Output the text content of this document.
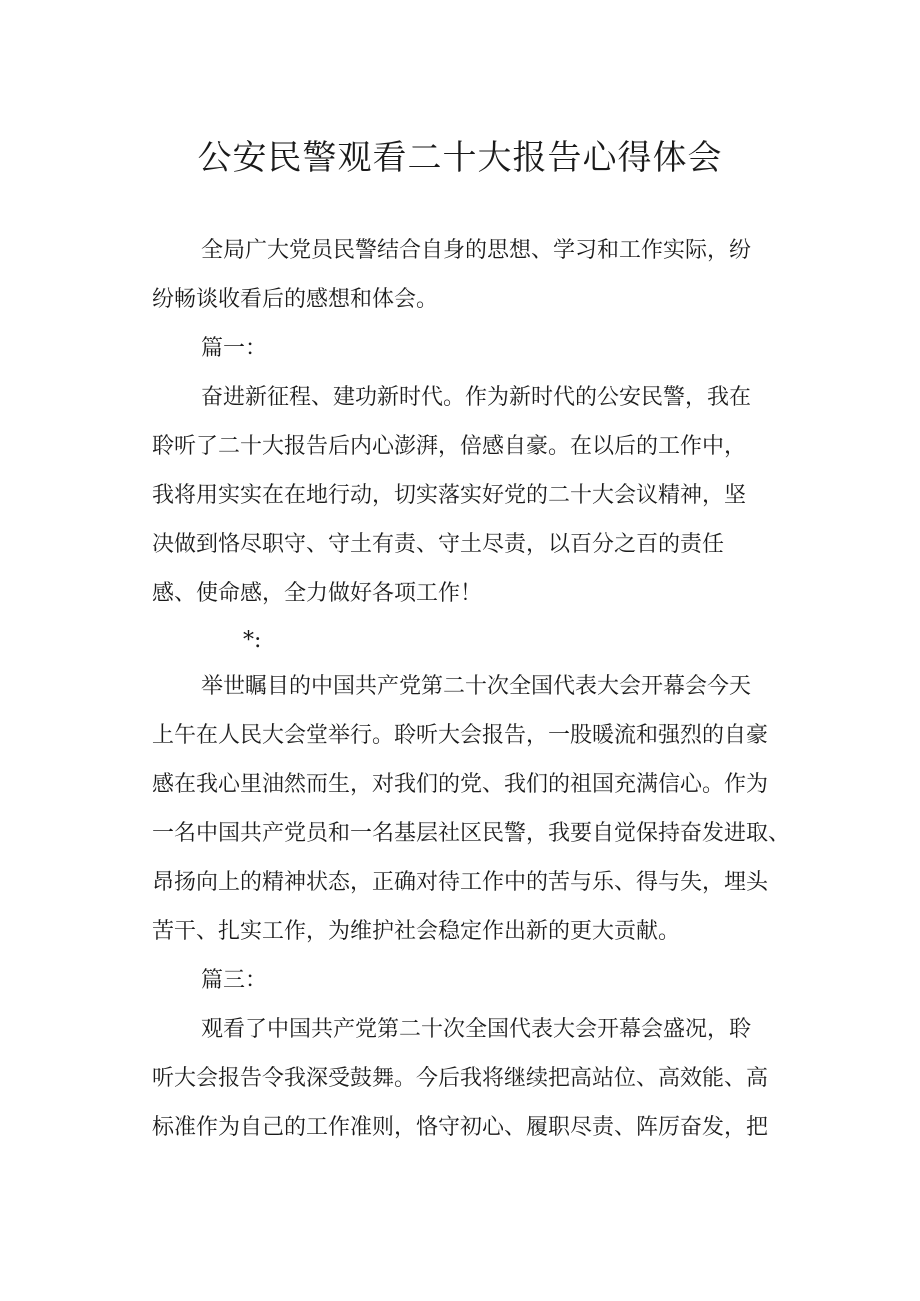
公安民警观看二十大报告心得体会

全局广大党员民警结合自身的思想、学习和工作实际，纷

纷畅谈收看后的感想和体会。

篇一：

奋进新征程、建功新时代。作为新时代的公安民警，我在

聆听了二十大报告后内心澎湃，倍感自豪。在以后的工作中，

我将用实实在在地行动，切实落实好党的二十大会议精神，坚

决做到恪尽职守、守土有责、守土尽责，以百分之百的责任

感、使命感，全力做好各项工作！

*:

举世瞩目的中国共产党第二十次全国代表大会开幕会今天

上午在人民大会堂举行。聆听大会报告，一股暖流和强烈的自豪

感在我心里油然而生，对我们的党、我们的祖国充满信心。作为

一名中国共产党员和一名基层社区民警，我要自觉保持奋发进取、

昂扬向上的精神状态，正确对待工作中的苦与乐、得与失，埋头

苦干、扎实工作，为维护社会稳定作出新的更大贡献。

篇三：

观看了中国共产党第二十次全国代表大会开幕会盛况，聆

听大会报告令我深受鼓舞。今后我将继续把高站位、高效能、高

标准作为自己的工作准则，恪守初心、履职尽责、阵厉奋发，把
